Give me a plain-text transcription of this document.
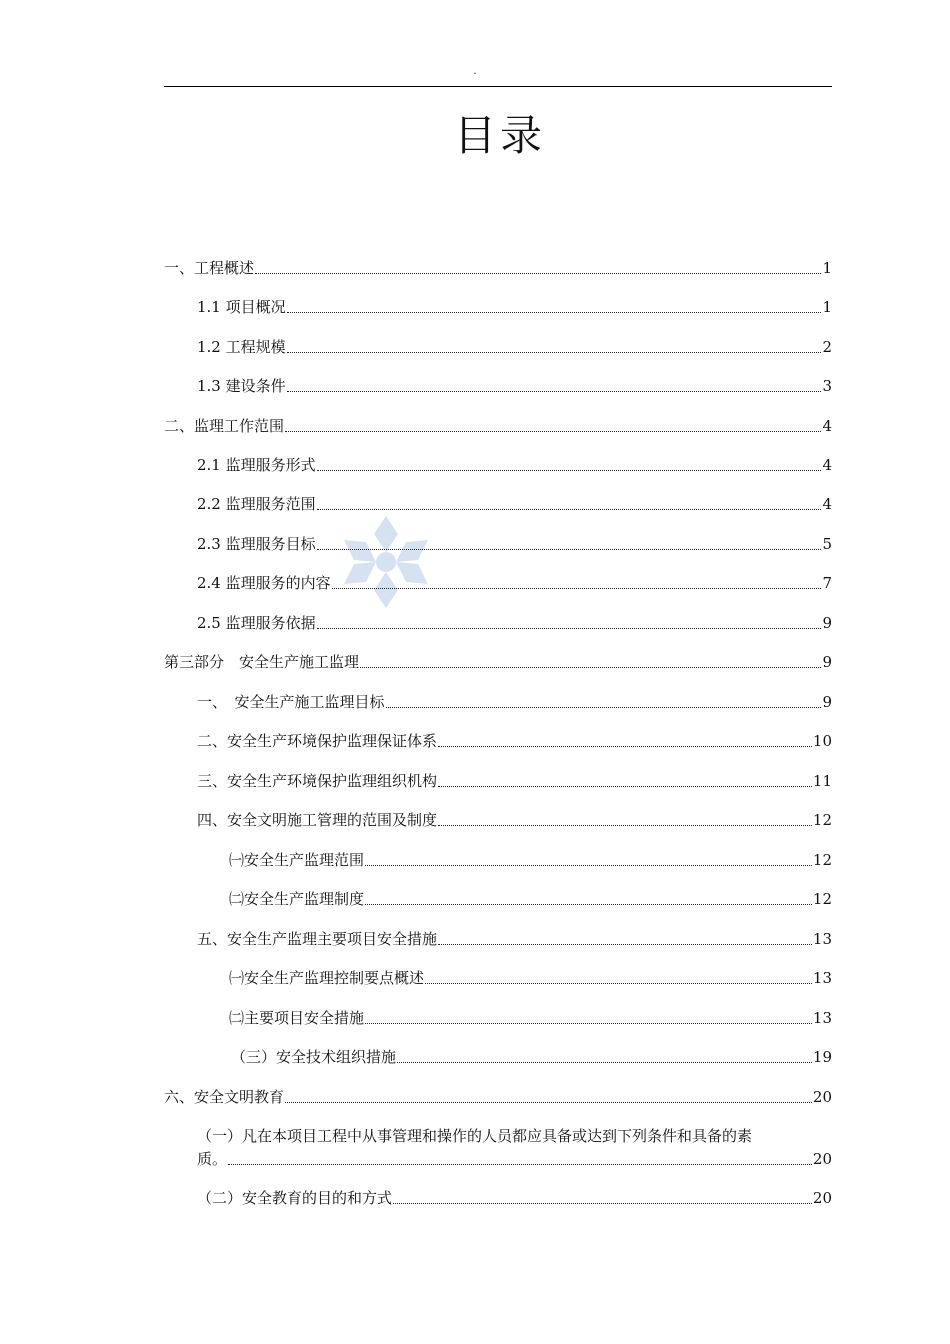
.
目录
一、工程概述	1
1.1 项目概况	1
1.2 工程规模	2
1.3 建设条件	3
二、监理工作范围	4
2.1 监理服务形式	4
2.2 监理服务范围	4
2.3 监理服务目标	5
2.4 监理服务的内容	7
2.5 监理服务依据	9
第三部分　安全生产施工监理	9
一、　安全生产施工监理目标	9
二、安全生产环境保护监理保证体系	10
三、安全生产环境保护监理组织机构	11
四、安全文明施工管理的范围及制度	12
㈠安全生产监理范围	12
㈡安全生产监理制度	12
五、安全生产监理主要项目安全措施	13
㈠安全生产监理控制要点概述	13
㈡主要项目安全措施	13
（三）安全技术组织措施	19
六、安全文明教育	20
（一）凡在本项目工程中从事管理和操作的人员都应具备或达到下列条件和具备的素
质。	20
（二）安全教育的目的和方式	20
